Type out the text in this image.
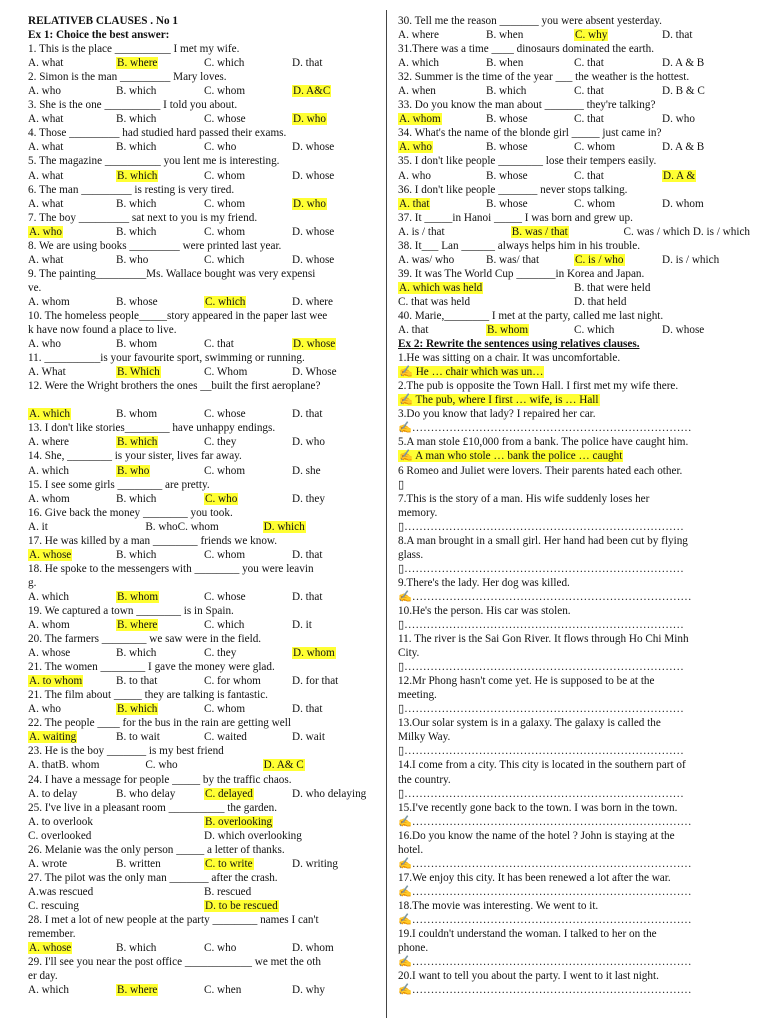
RELATIVEB CLAUSES . No 1
Ex 1: Choice the best answer:
1. This is the place __________ I met my wife.
A. what	B. where	C. which	D. that
2. Simon is the man _________ Mary loves.
A. who	B. which	C. whom	D. A&C
3. She is the one __________ I told you about.
A. what	B. which	C. whose	D. who
4. Those _________ had studied hard passed their exams.
A. what	B. which	C. who	D. whose
5. The magazine __________ you lent me is interesting.
A. what	B. which	C. whom	D. whose
6. The man _________ is resting is very tired.
A. what	B. which	C. whom	D. who
7. The boy _________ sat next to you is my friend.
A. who	B. which	C. whom	D. whose
8. We are using books _________ were printed last year.
A. what	B. who	C. which	D. whose
9. The painting_________Ms. Wallace bought was very expensi
ve.
A. whom	B. whose	C. which	D. where
10. The homeless people_____story appeared in the paper last wee
k have now found a place to live.
A. who	B. whom	C. that	D. whose
11. __________is your favourite sport, swimming or running.
A. What	B. Which	C. Whom	D. Whose
12. Were the Wright brothers the ones __built the first aeroplane?
A. which	B. whom	C. whose	D. that
13. I don't like stories________ have unhappy endings.
A. where	B. which	C. they	D. who
14. She, ________ is your sister, lives far away.
A. which	B. who	C. whom	D. she
15. I see some girls ________ are pretty.
A. whom	B. which	C. who	D. they
16. Give back the money ________ you took.
A. it	B. whoC. whom	D. which
17. He was killed by a man ________ friends we know.
A. whose	B. which	C. whom	D. that
18. He spoke to the messengers with ________ you were leavin
g.
A. which	B. whom	C. whose	D. that
19. We captured a town ________ is in Spain.
A. whom	B. where	C. which	D. it
20. The farmers ________ we saw were in the field.
A. whose	B. which	C. they	D. whom
21. The women ________ I gave the money were glad.
A. to whom	B. to that	C. for whom	D. for that
21. The film about _____ they are talking is fantastic.
A. who	B. which	C. whom	D. that
22. The people ____ for the bus in the rain are getting well
A. waiting	B. to wait	C. waited	D. wait
23. He is the boy _______ is my best friend
A. thatB. whom	C. who	D. A& C
24. I have a message for people _____ by the traffic chaos.
A. to delay	B. who delay	C. delayed	D. who delaying
25. I've live in a pleasant room __________ the garden.
A. to overlook	B. overlooking
C. overlooked	D. which overlooking
26. Melanie was the only person _____ a letter of thanks.
A. wrote	B. written	C. to write	D. writing
27. The pilot was the only man _______ after the crash.
A.was rescued	B. rescued
C. rescuing	D. to be rescued
28. I met a lot of new people at the party ________ names I can't
remember.
A. whose	B. which	C. who	D. whom
29. I'll see you near the post office ____________ we met the oth
er day.
A. which	B. where	C. when	D. why
30. Tell me the reason _______ you were absent yesterday.
A. where	B. when	C. why	D. that
31.There was a time ____ dinosaurs dominated the earth.
A. which	B. when	C. that	D. A & B
32. Summer is the time of the year ___ the weather is the hottest.
A. when	B. which	C. that	D. B & C
33. Do you know the man about _______ they're talking?
A. whom	B. whose	C. that	D. who
34. What's the name of the blonde girl _____ just came in?
A. who	B. whose	C. whom	D. A & B
35. I don't like people ________ lose their tempers easily.
A. who	B. whose	C. that	D. A &
36. I don't like people _______ never stops talking.
A. that	B. whose	C. whom	D. whom
37. It _____in Hanoi _____ I was born and grew up.
A. is / that	B. was / that	C. was / which D. is / which
38. It___ Lan ______ always helps him in his trouble.
A. was/ who	B. was/ that	C. is / who	D. is / which
39. It was The World Cup _______in Korea and Japan.
A. which was held	B. that were held
C. that was held	D. that held
40. Marie,________ I met at the party, called me last night.
A. that	B. whom	C. which	D. whose
Ex 2: Rewrite the sentences using relatives clauses.
1.He was sitting on a chair. It was uncomfortable.
✍ He … chair which was un…
2.The pub is opposite the Town Hall. I first met my wife there.
✍ The pub, where I first … wife, is … Hall
3.Do you know that lady? I repaired her car.
✍…………………………………………………………………
5.A man stole £10,000 from a bank. The police have caught him.
✍ A man who stole … bank the police … caught
6 Romeo and Juliet were lovers. Their parents hated each other.
▯
7.This is the story of a man. His wife suddenly loses her
memory.
▯…………………………………………………………………
8.A man brought in a small girl. Her hand had been cut by flying
glass.
▯…………………………………………………………………
9.There's the lady. Her dog was killed.
✍…………………………………………………………………
10.He's the person. His car was stolen.
▯…………………………………………………………………
11. The river is the Sai Gon River. It flows through Ho Chi Minh
City.
▯…………………………………………………………………
12.Mr Phong hasn't come yet. He is supposed to be at the
meeting.
▯…………………………………………………………………
13.Our solar system is in a galaxy. The galaxy is called the
Milky Way.
▯…………………………………………………………………
14.I come from a city. This city is located in the southern part of
the country.
▯…………………………………………………………………
15.I've recently gone back to the town. I was born in the town.
✍…………………………………………………………………
16.Do you know the name of the hotel ? John is staying at the
hotel.
✍…………………………………………………………………
17.We enjoy this city. It has been renewed a lot after the war.
✍…………………………………………………………………
18.The movie was interesting. We went to it.
✍…………………………………………………………………
19.I couldn't understand the woman. I talked to her on the
phone.
✍…………………………………………………………………
20.I want to tell you about the party. I went to it last night.
✍…………………………………………………………………
